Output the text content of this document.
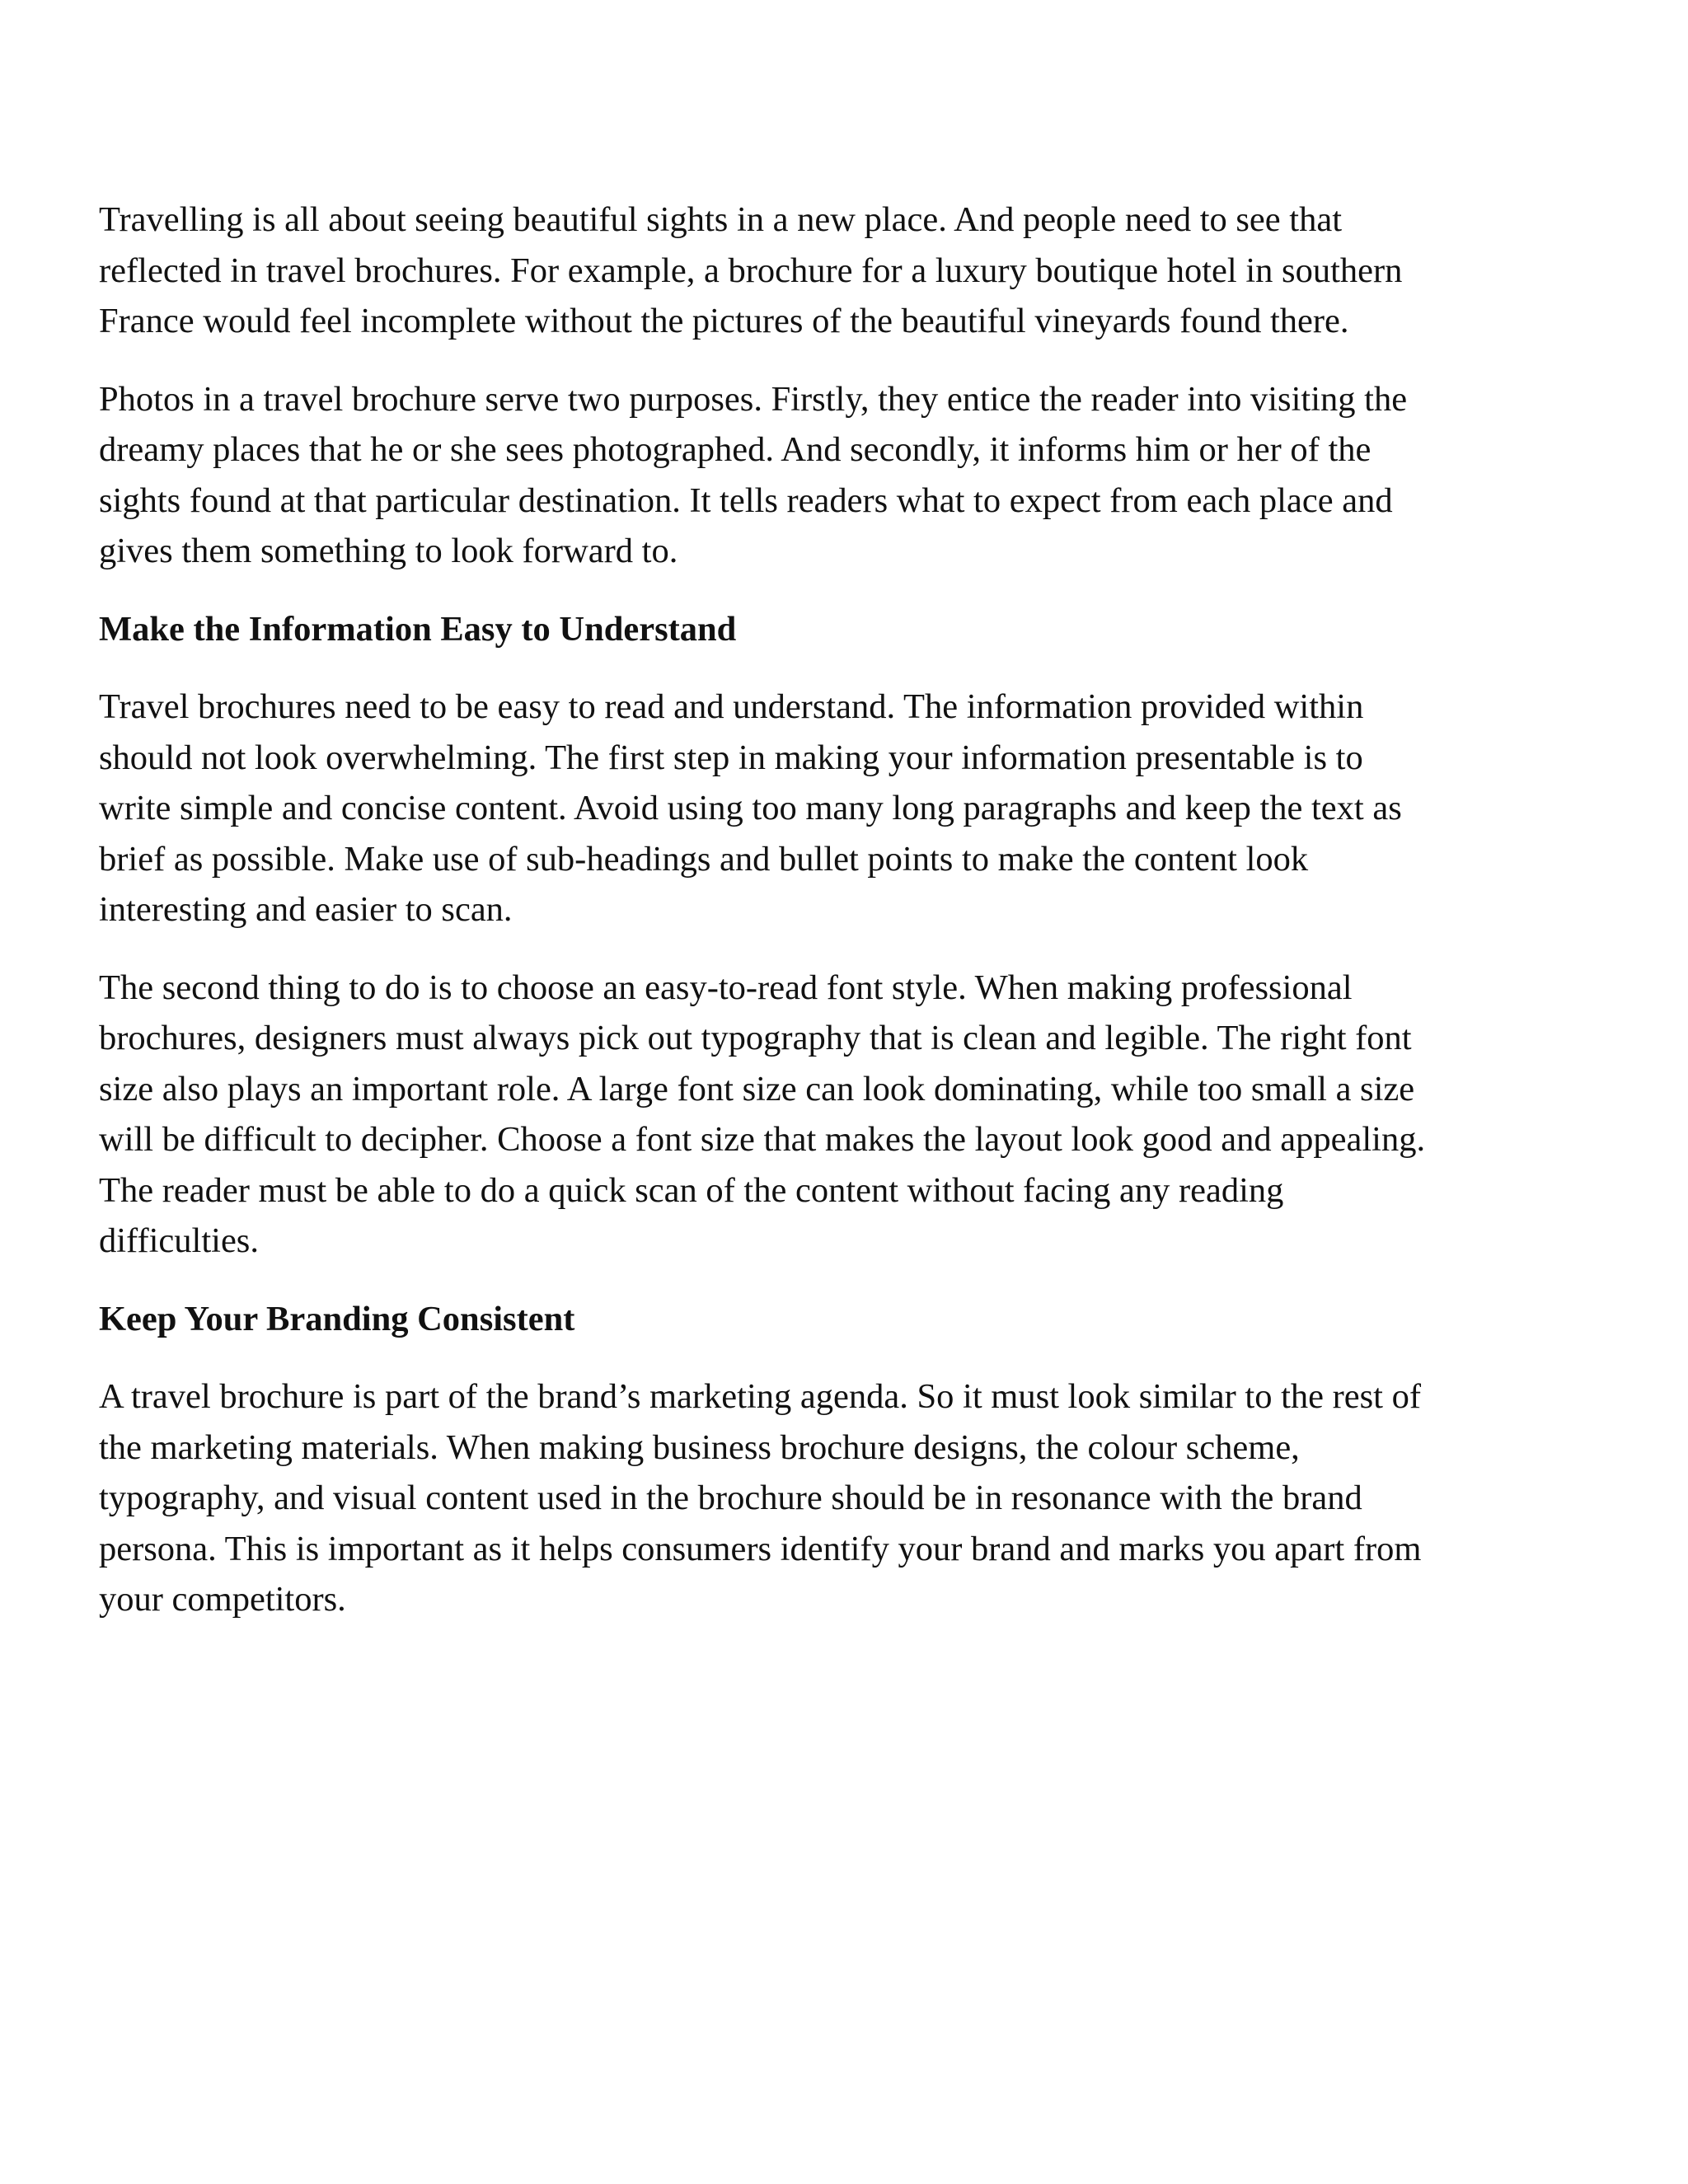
Travelling is all about seeing beautiful sights in a new place. And people need to see that
reflected in travel brochures. For example, a brochure for a luxury boutique hotel in southern
France would feel incomplete without the pictures of the beautiful vineyards found there.

Photos in a travel brochure serve two purposes. Firstly, they entice the reader into visiting the
dreamy places that he or she sees photographed. And secondly, it informs him or her of the
sights found at that particular destination. It tells readers what to expect from each place and
gives them something to look forward to.

Make the Information Easy to Understand

Travel brochures need to be easy to read and understand. The information provided within
should not look overwhelming. The first step in making your information presentable is to
write simple and concise content. Avoid using too many long paragraphs and keep the text as
brief as possible. Make use of sub-headings and bullet points to make the content look
interesting and easier to scan.

The second thing to do is to choose an easy-to-read font style. When making professional
brochures, designers must always pick out typography that is clean and legible. The right font
size also plays an important role. A large font size can look dominating, while too small a size
will be difficult to decipher. Choose a font size that makes the layout look good and appealing.
The reader must be able to do a quick scan of the content without facing any reading
difficulties.

Keep Your Branding Consistent

A travel brochure is part of the brand’s marketing agenda. So it must look similar to the rest of
the marketing materials. When making business brochure designs, the colour scheme,
typography, and visual content used in the brochure should be in resonance with the brand
persona. This is important as it helps consumers identify your brand and marks you apart from
your competitors.
